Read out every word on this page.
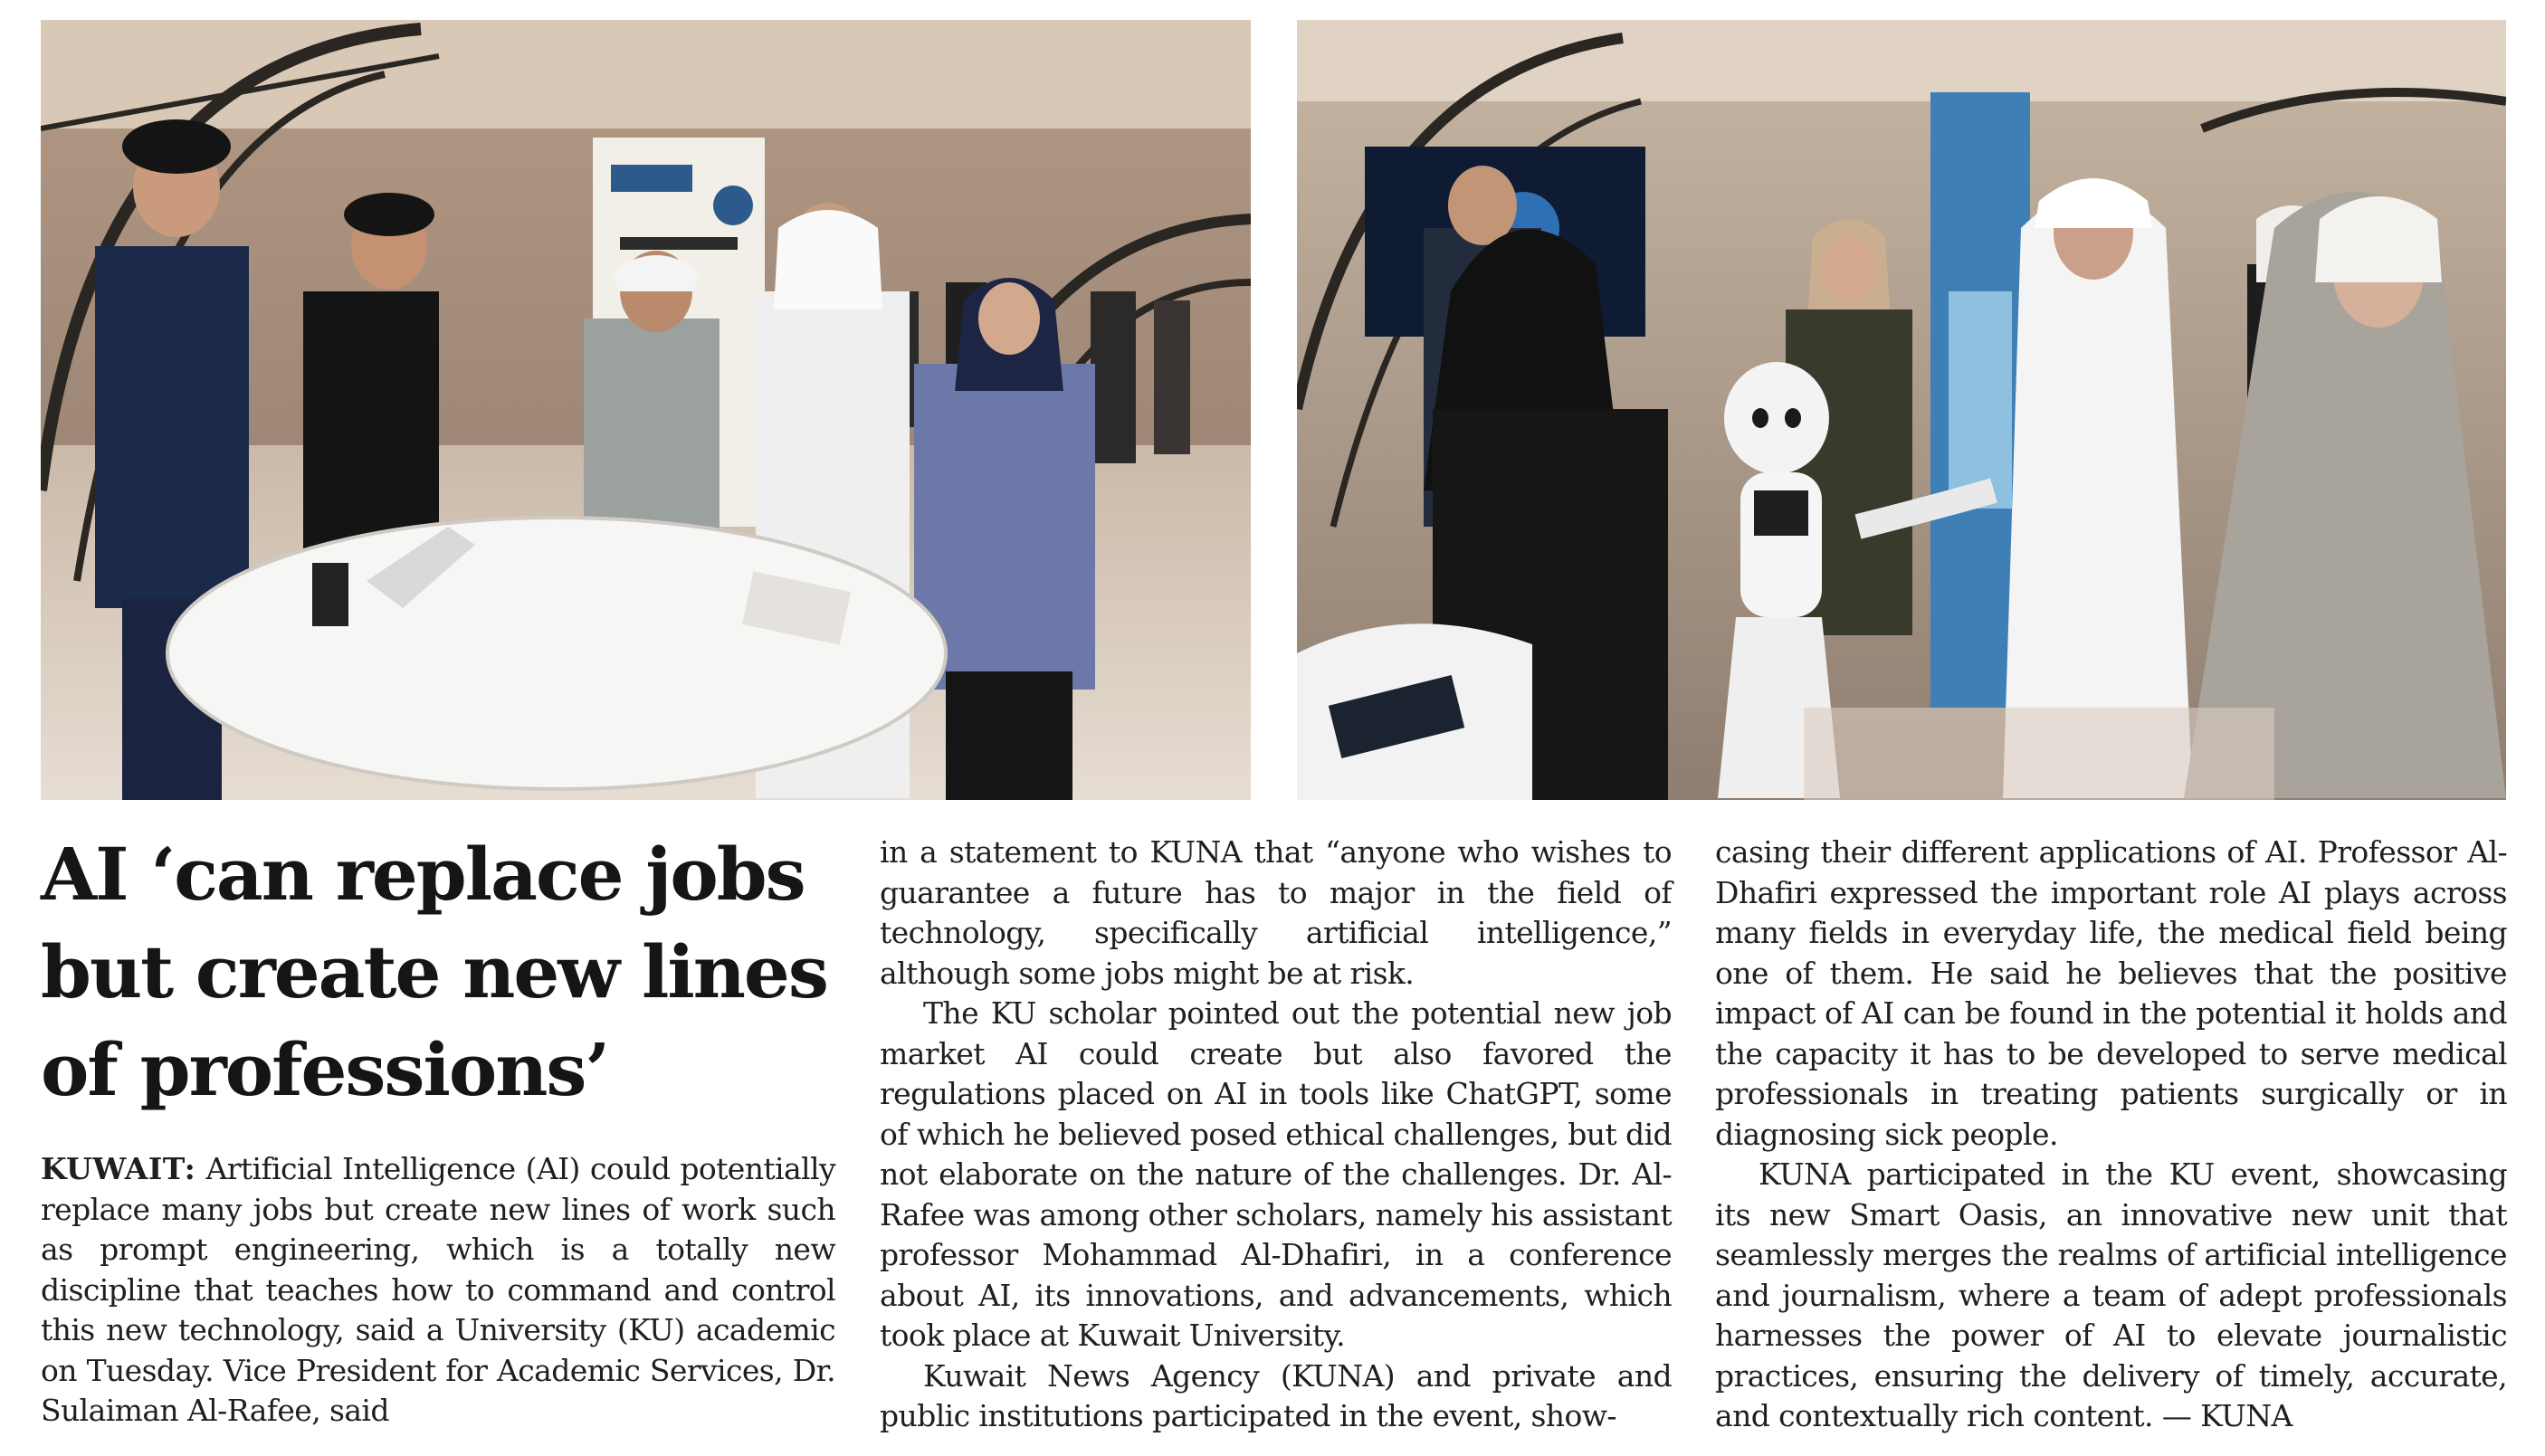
AI ‘can replace jobs but create new lines of professions’

KUWAIT: Artificial Intelligence (AI) could potentially replace many jobs but create new lines of work such as prompt engineering, which is a totally new discipline that teaches how to command and control this new technology, said a University (KU) academic on Tuesday. Vice President for Academic Services, Dr. Sulaiman Al-Rafee, said

in a statement to KUNA that “anyone who wishes to guarantee a future has to major in the field of technology, specifically artificial intelligence,” although some jobs might be at risk.

The KU scholar pointed out the potential new job market AI could create but also favored the regulations placed on AI in tools like ChatGPT, some of which he believed posed ethical challenges, but did not elaborate on the nature of the challenges. Dr. Al-Rafee was among other scholars, namely his assistant professor Mohammad Al-Dhafiri, in a conference about AI, its innovations, and advancements, which took place at Kuwait University.

Kuwait News Agency (KUNA) and private and public institutions participated in the event, show-

casing their different applications of AI. Professor Al-Dhafiri expressed the important role AI plays across many fields in everyday life, the medical field being one of them. He said he believes that the positive impact of AI can be found in the potential it holds and the capacity it has to be developed to serve medical professionals in treating patients surgically or in diagnosing sick people.

KUNA participated in the KU event, showcasing its new Smart Oasis, an innovative new unit that seamlessly merges the realms of artificial intelligence and journalism, where a team of adept professionals harnesses the power of AI to elevate journalistic practices, ensuring the delivery of timely, accurate, and contextually rich content. — KUNA
